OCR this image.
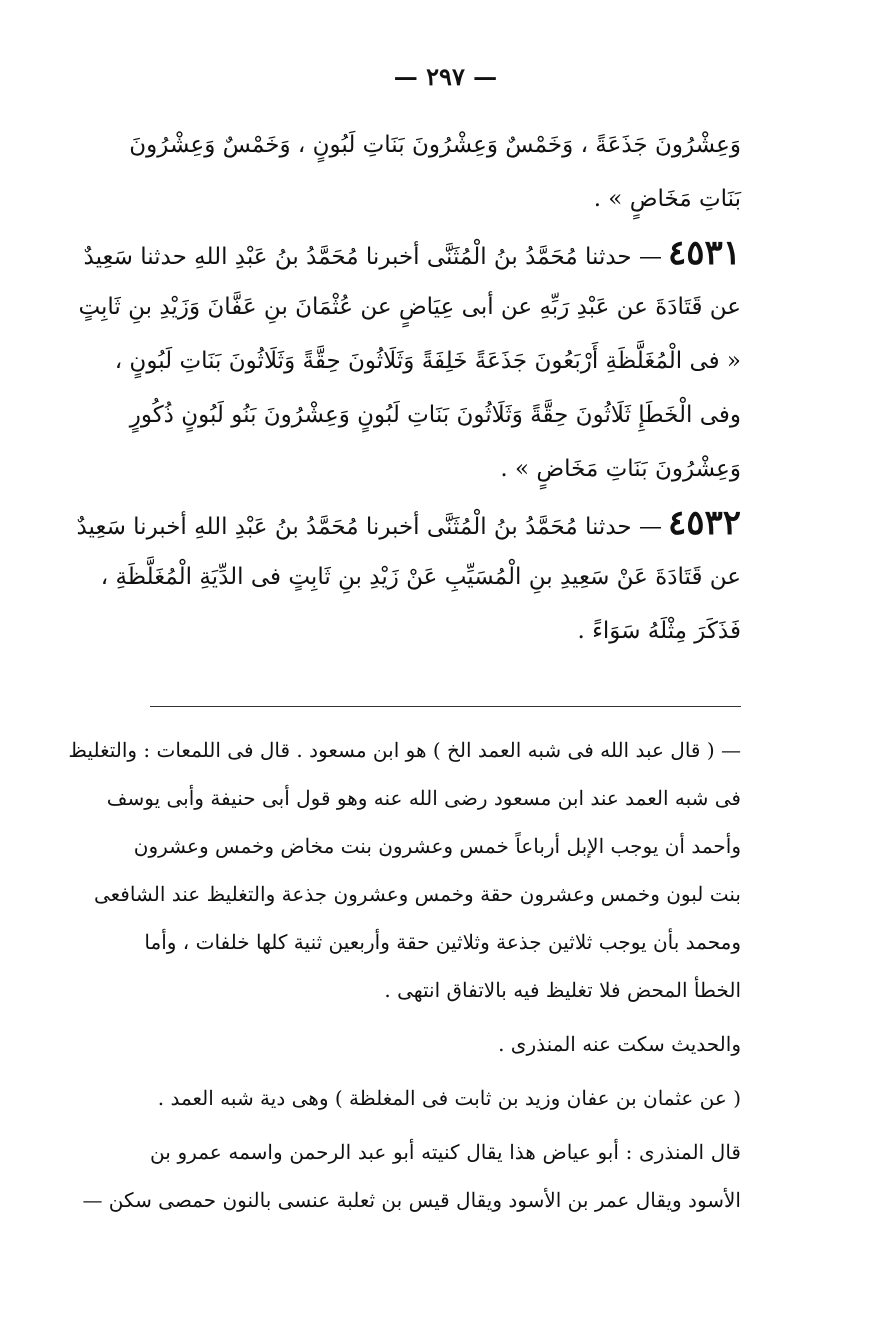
— ٢٩٧ —
وَعِشْرُونَ جَذَعَةً ، وَخَمْسٌ وَعِشْرُونَ بَنَاتِ لَبُونٍ ، وَخَمْسٌ وَعِشْرُونَ
بَنَاتِ مَخَاضٍ » .
٤٥٣١— حدثنا مُحَمَّدُ بنُ الْمُثَنَّى أخبرنا مُحَمَّدُ بنُ عَبْدِ اللهِ حدثنا سَعِيدٌ
عن قَتَادَةَ عن عَبْدِ رَبِّهِ عن أبى عِيَاضٍ عن عُثْمَانَ بنِ عَفَّانَ وَزَيْدِ بنِ ثَابِتٍ
« فى الْمُغَلَّظَةِ أَرْبَعُونَ جَذَعَةً خَلِفَةً وَثَلَاثُونَ حِقَّةً وَثَلَاثُونَ بَنَاتِ لَبُونٍ ،
وفى الْخَطَإِ ثَلَاثُونَ حِقَّةً وَثَلَاثُونَ بَنَاتِ لَبُونٍ وَعِشْرُونَ بَنُو لَبُونٍ ذُكُورٍ
وَعِشْرُونَ بَنَاتِ مَخَاضٍ » .
٤٥٣٢— حدثنا مُحَمَّدُ بنُ الْمُثَنَّى أخبرنا مُحَمَّدُ بنُ عَبْدِ اللهِ أخبرنا سَعِيدٌ
عن قَتَادَةَ عَنْ سَعِيدِ بنِ الْمُسَيِّبِ عَنْ زَيْدِ بنِ ثَابِتٍ فى الدِّيَةِ الْمُغَلَّظَةِ ،
فَذَكَرَ مِثْلَهُ سَوَاءً .
— ( قال عبد الله فى شبه العمد الخ ) هو ابن مسعود . قال فى اللمعات : والتغليظ
فى شبه العمد عند ابن مسعود رضى الله عنه وهو قول أبى حنيفة وأبى يوسف
وأحمد أن يوجب الإبل أرباعاً خمس وعشرون بنت مخاض وخمس وعشرون
بنت لبون وخمس وعشرون حقة وخمس وعشرون جذعة والتغليظ عند الشافعى
ومحمد بأن يوجب ثلاثين جذعة وثلاثين حقة وأربعين ثنية كلها خلفات ، وأما
الخطأ المحض فلا تغليظ فيه بالاتفاق انتهى .
والحديث سكت عنه المنذرى .
( عن عثمان بن عفان وزيد بن ثابت فى المغلظة ) وهى دية شبه العمد .
قال المنذرى : أبو عياض هذا يقال كنيته أبو عبد الرحمن واسمه عمرو بن
الأسود ويقال عمر بن الأسود ويقال قيس بن ثعلبة عنسى بالنون حمصى سكن —
